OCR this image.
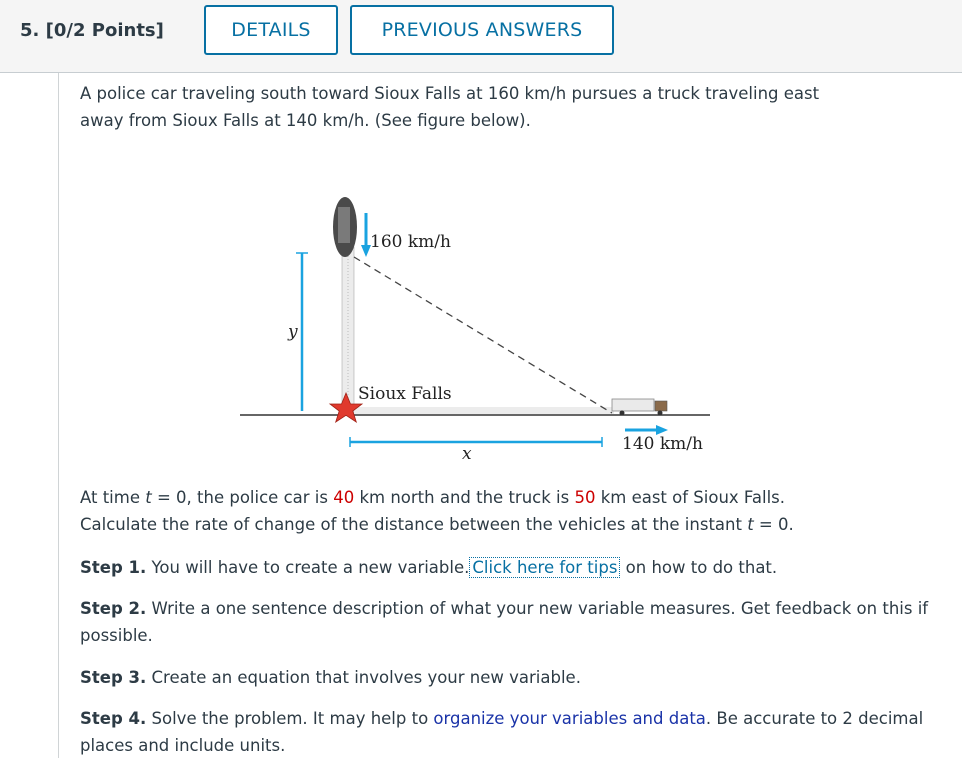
5. [0/2 Points]	DETAILS	PREVIOUS ANSWERS
A police car traveling south toward Sioux Falls at 160 km/h pursues a truck traveling east
away from Sioux Falls at 140 km/h. (See figure below).
160 km/h
y
Sioux Falls
140 km/h
x
At time t = 0, the police car is 40 km north and the truck is 50 km east of Sioux Falls.
Calculate the rate of change of the distance between the vehicles at the instant t = 0.
Step 1. You will have to create a new variable. Click here for tips on how to do that.
Step 2. Write a one sentence description of what your new variable measures. Get feedback on this if possible.
Step 3. Create an equation that involves your new variable.
Step 4. Solve the problem. It may help to organize your variables and data. Be accurate to 2 decimal places and include units.
